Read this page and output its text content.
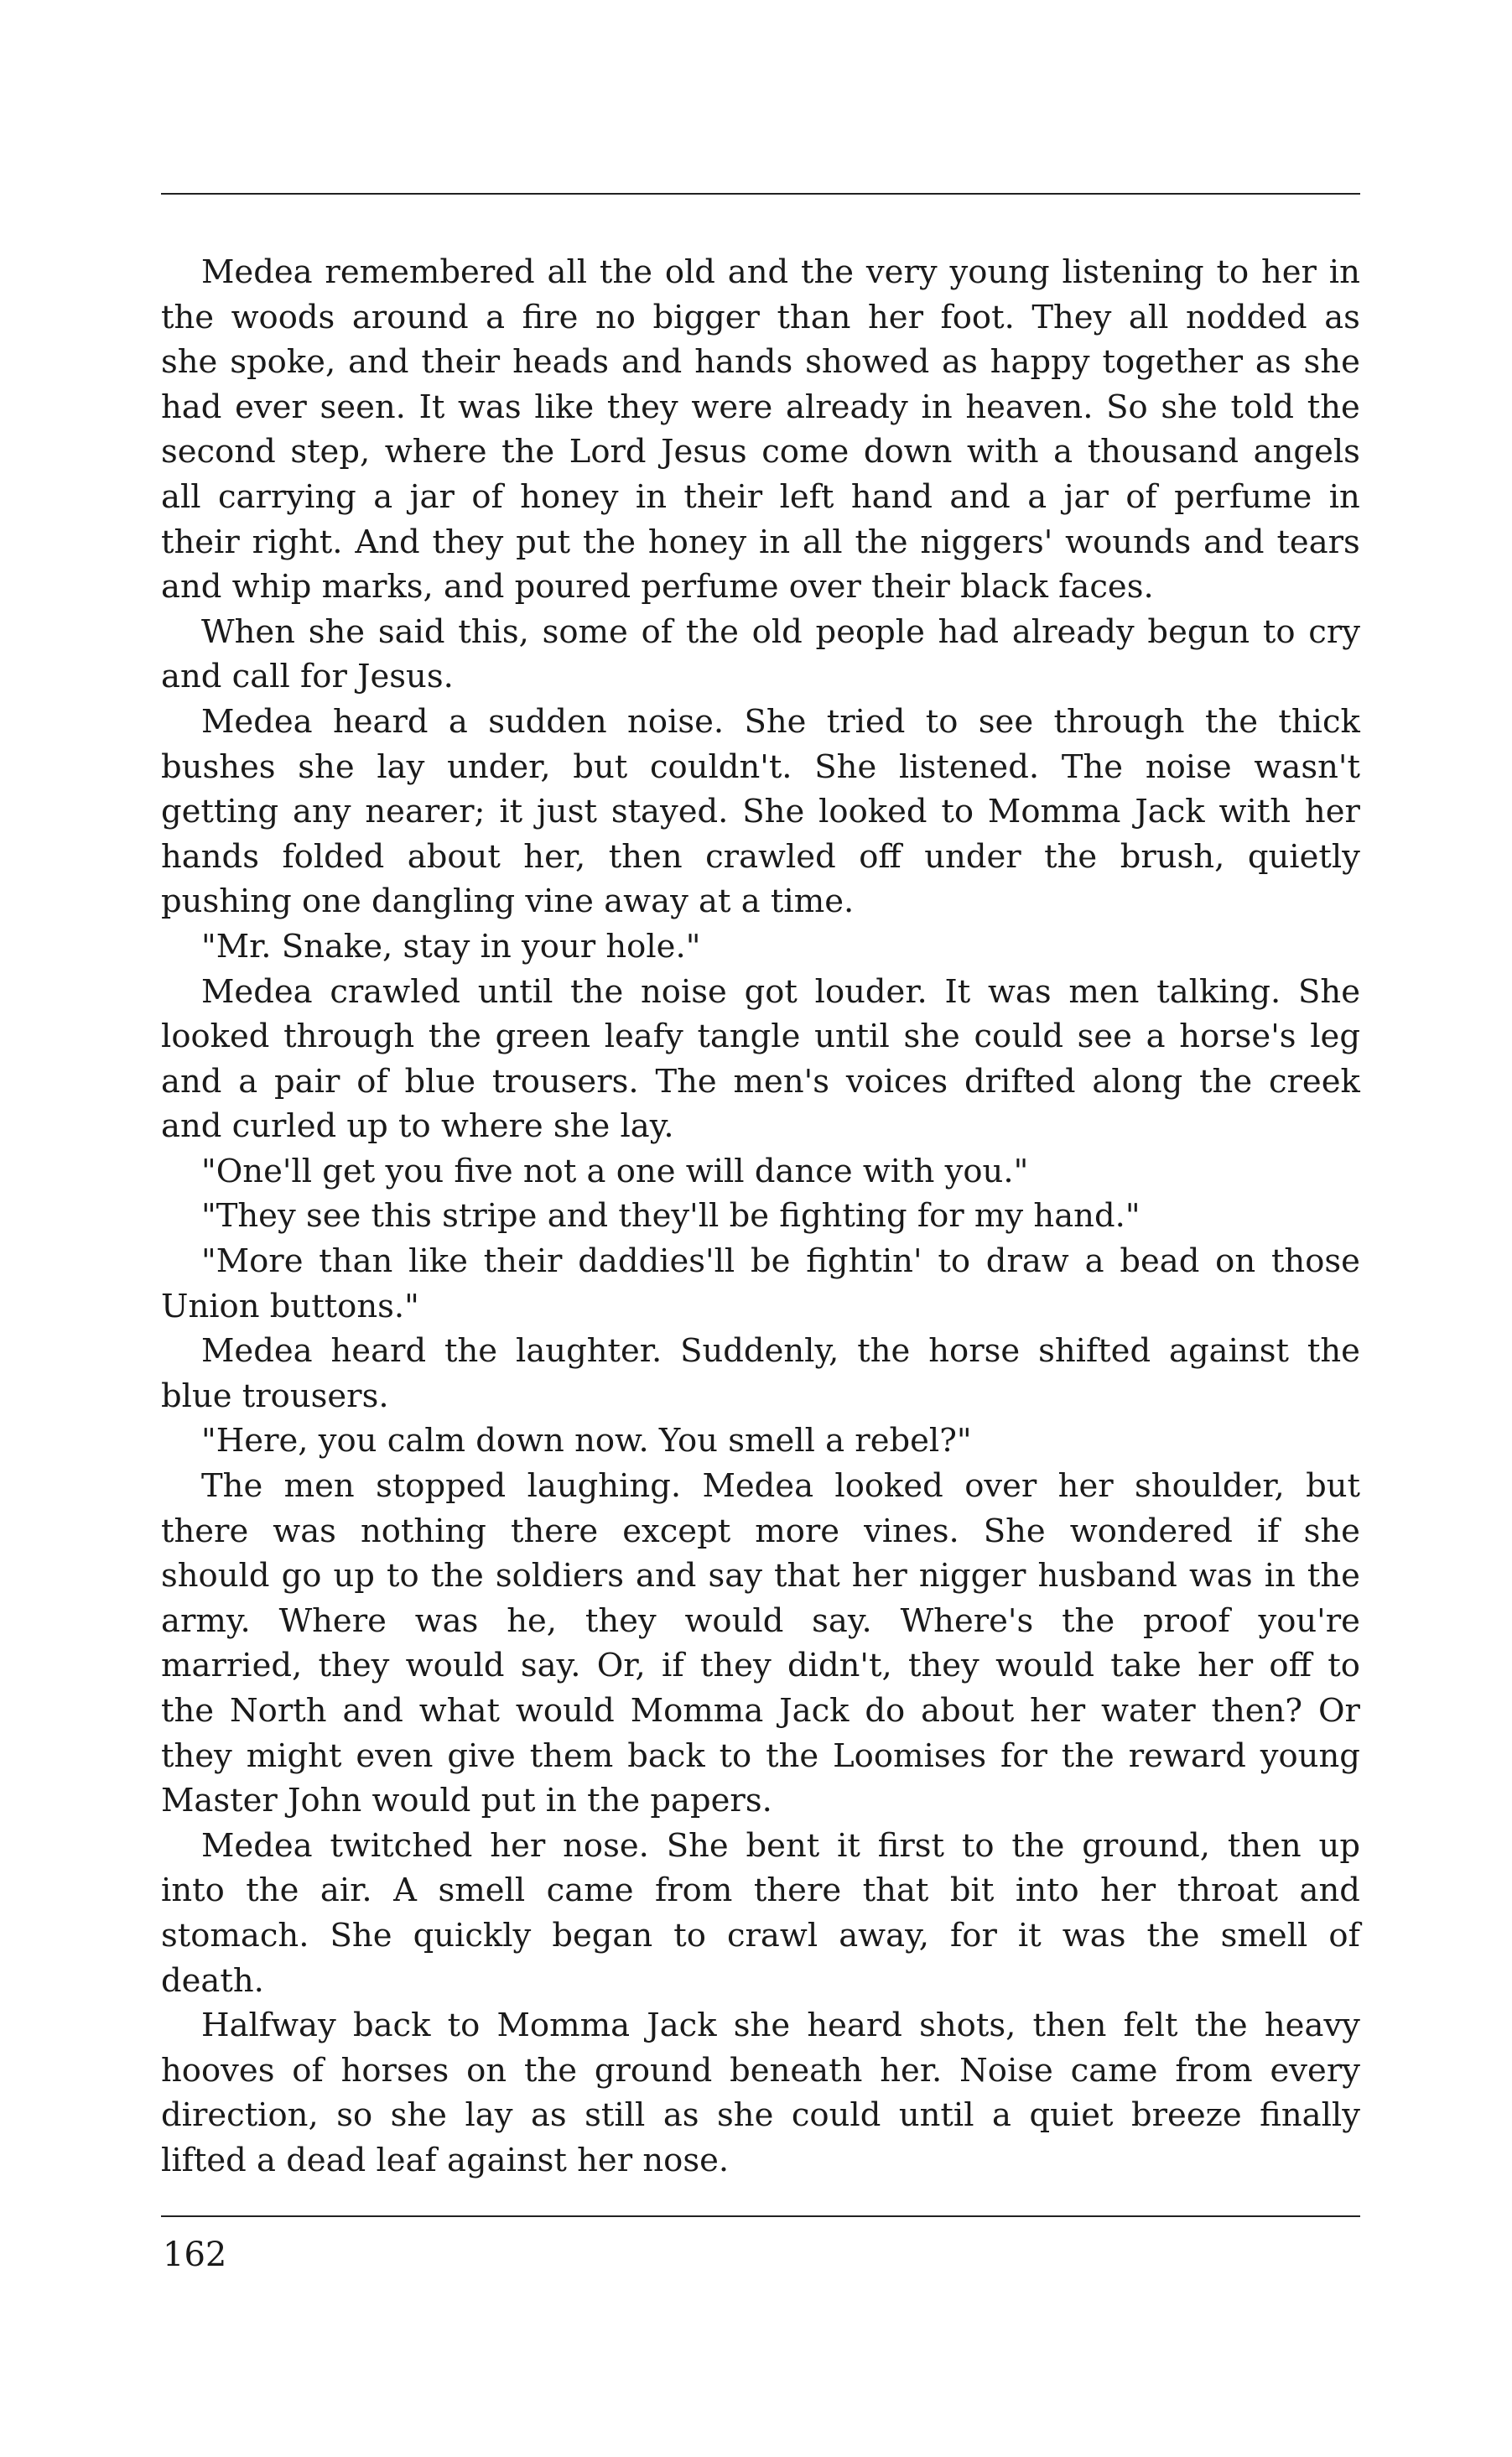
Medea remembered all the old and the very young listening to her in
the woods around a fire no bigger than her foot. They all nodded as
she spoke, and their heads and hands showed as happy together as she
had ever seen. It was like they were already in heaven. So she told the
second step, where the Lord Jesus come down with a thousand angels
all carrying a jar of honey in their left hand and a jar of perfume in
their right. And they put the honey in all the niggers' wounds and tears
and whip marks, and poured perfume over their black faces.
When she said this, some of the old people had already begun to cry
and call for Jesus.
Medea heard a sudden noise. She tried to see through the thick
bushes she lay under, but couldn't. She listened. The noise wasn't
getting any nearer; it just stayed. She looked to Momma Jack with her
hands folded about her, then crawled off under the brush, quietly
pushing one dangling vine away at a time.
"Mr. Snake, stay in your hole."
Medea crawled until the noise got louder. It was men talking. She
looked through the green leafy tangle until she could see a horse's leg
and a pair of blue trousers. The men's voices drifted along the creek
and curled up to where she lay.
"One'll get you five not a one will dance with you."
"They see this stripe and they'll be fighting for my hand."
"More than like their daddies'll be fightin' to draw a bead on those
Union buttons."
Medea heard the laughter. Suddenly, the horse shifted against the
blue trousers.
"Here, you calm down now. You smell a rebel?"
The men stopped laughing. Medea looked over her shoulder, but
there was nothing there except more vines. She wondered if she
should go up to the soldiers and say that her nigger husband was in the
army. Where was he, they would say. Where's the proof you're
married, they would say. Or, if they didn't, they would take her off to
the North and what would Momma Jack do about her water then? Or
they might even give them back to the Loomises for the reward young
Master John would put in the papers.
Medea twitched her nose. She bent it first to the ground, then up
into the air. A smell came from there that bit into her throat and
stomach. She quickly began to crawl away, for it was the smell of
death.
Halfway back to Momma Jack she heard shots, then felt the heavy
hooves of horses on the ground beneath her. Noise came from every
direction, so she lay as still as she could until a quiet breeze finally
lifted a dead leaf against her nose.
162
